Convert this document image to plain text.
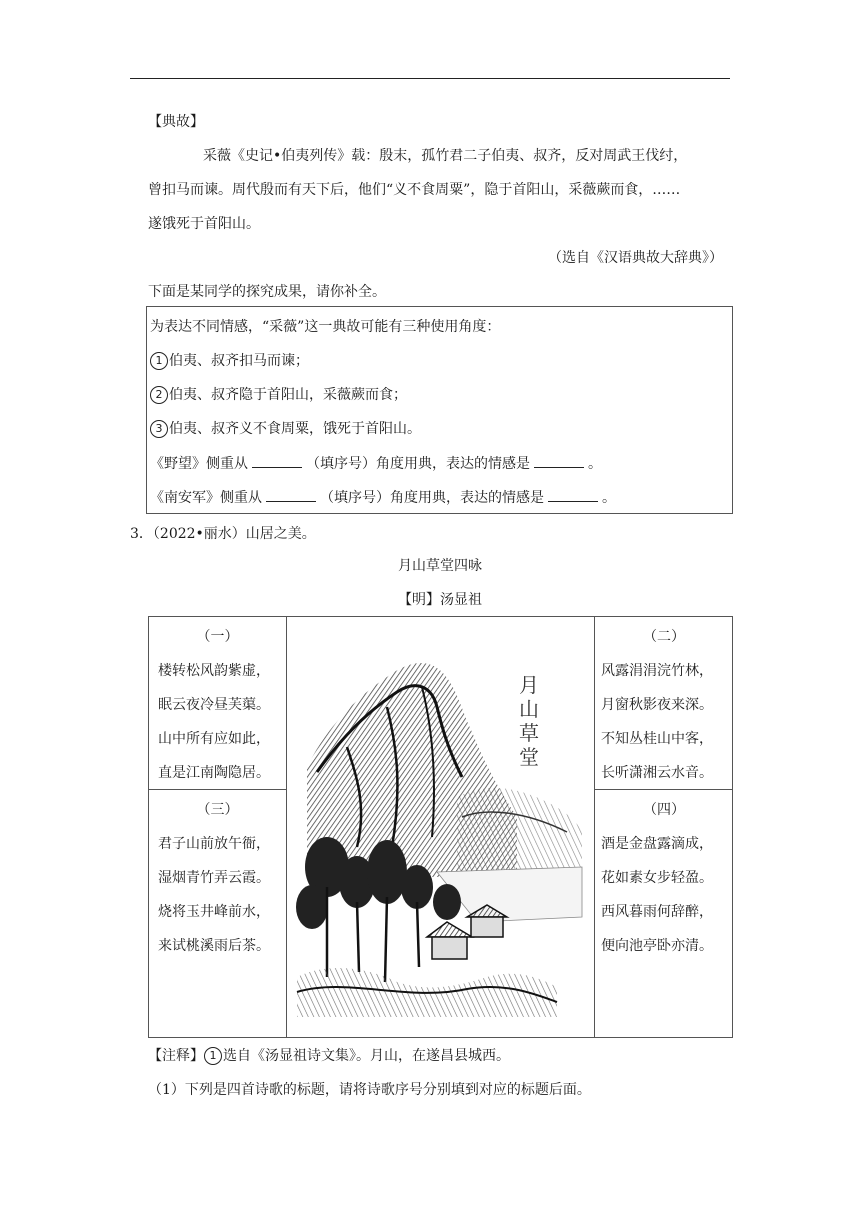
【典故】
采薇《史记•伯夷列传》载：殷末，孤竹君二子伯夷、叔齐，反对周武王伐纣，
曾扣马而谏。周代殷而有天下后，他们“义不食周粟”，隐于首阳山，采薇蕨而食，……
遂饿死于首阳山。
（选自《汉语典故大辞典》）
下面是某同学的探究成果，请你补全。
为表达不同情感，“采薇”这一典故可能有三种使用角度：
1 伯夷、叔齐扣马而谏；
2 伯夷、叔齐隐于首阳山，采薇蕨而食；
3 伯夷、叔齐义不食周粟，饿死于首阳山。
《野望》侧重从	（填序号）角度用典，表达的情感是	。
《南安军》侧重从	（填序号）角度用典，表达的情感是	。
3．（2022•丽水）山居之美。
月山草堂四咏
【明】汤显祖
（一）
楼转松风韵紫虚，
眠云夜冷昼芙蕖。
山中所有应如此，
直是江南陶隐居。
（二）
风露涓涓浣竹林，
月窗秋影夜来深。
不知丛桂山中客，
长听潇湘云水音。
（三）
君子山前放午衙，
湿烟青竹弄云霞。
烧将玉井峰前水，
来试桃溪雨后茶。
（四）
酒是金盘露滴成，
花如素女步轻盈。
西风暮雨何辞醉，
便向池亭卧亦清。
月山草堂
【注释】 1 选自《汤显祖诗文集》。月山，在遂昌县城西。
（1）下列是四首诗歌的标题，请将诗歌序号分别填到对应的标题后面。
